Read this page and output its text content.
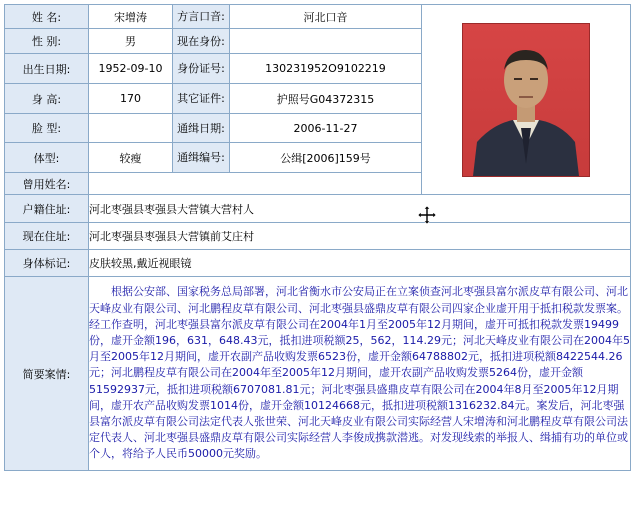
姓 名:	宋增涛	方言口音:	河北口音	

性 别:	男	现在身份:		
出生日期:	1952-09-10	身份证号:	130231952O9102219	
身 高:	170	其它证件:	护照号G04372315	
脸 型:		通缉日期:	2006-11-27	
体型:	较瘦	通缉编号:	公缉[2006]159号	
曾用姓名:				
户籍住址:	河北枣强县枣强县大营镇大营村人			
现在住址:	河北枣强县枣强县大营镇前艾庄村			
身体标记:	皮肤较黑,戴近视眼镜			
简要案情:	　　根据公安部、国家税务总局部署，河北省衡水市公安局正在立案侦查河北枣强县富尔派皮草有限公司、河北天峰皮业有限公司、河北鹏程皮草有限公司、河北枣强县盛鼎皮草有限公司四家企业虚开用于抵扣税款发票案。经工作查明，河北枣强县富尔派皮草有限公司在2004年1月至2005年12月期间，虚开可抵扣税款发票19499份，虚开金额196，631，648.43元，抵扣进项税额25，562，114.29元；河北天峰皮业有限公司在2004年5月至2005年12月期间，虚开农副产品收购发票6523份，虚开金额64788802元，抵扣进项税额8422544.26元；河北鹏程皮草有限公司在2004年至2005年12月期间，虚开农副产品收购发票5264份，虚开金额51592937元，抵扣进项税额6707081.81元；河北枣强县盛鼎皮草有限公司在2004年8月至2005年12月期间，虚开农产品收购发票1014份，虚开金额10124668元，抵扣进项税额1316232.84元。案发后，河北枣强县富尔派皮草有限公司法定代表人张世荣、河北天峰皮业有限公司实际经营人宋增涛和河北鹏程皮草有限公司法定代表人、河北枣强县盛鼎皮草有限公司实际经营人李俊成携款潜逃。对发现线索的举报人、缉捕有功的单位或个人，将给予人民币50000元奖励。			
